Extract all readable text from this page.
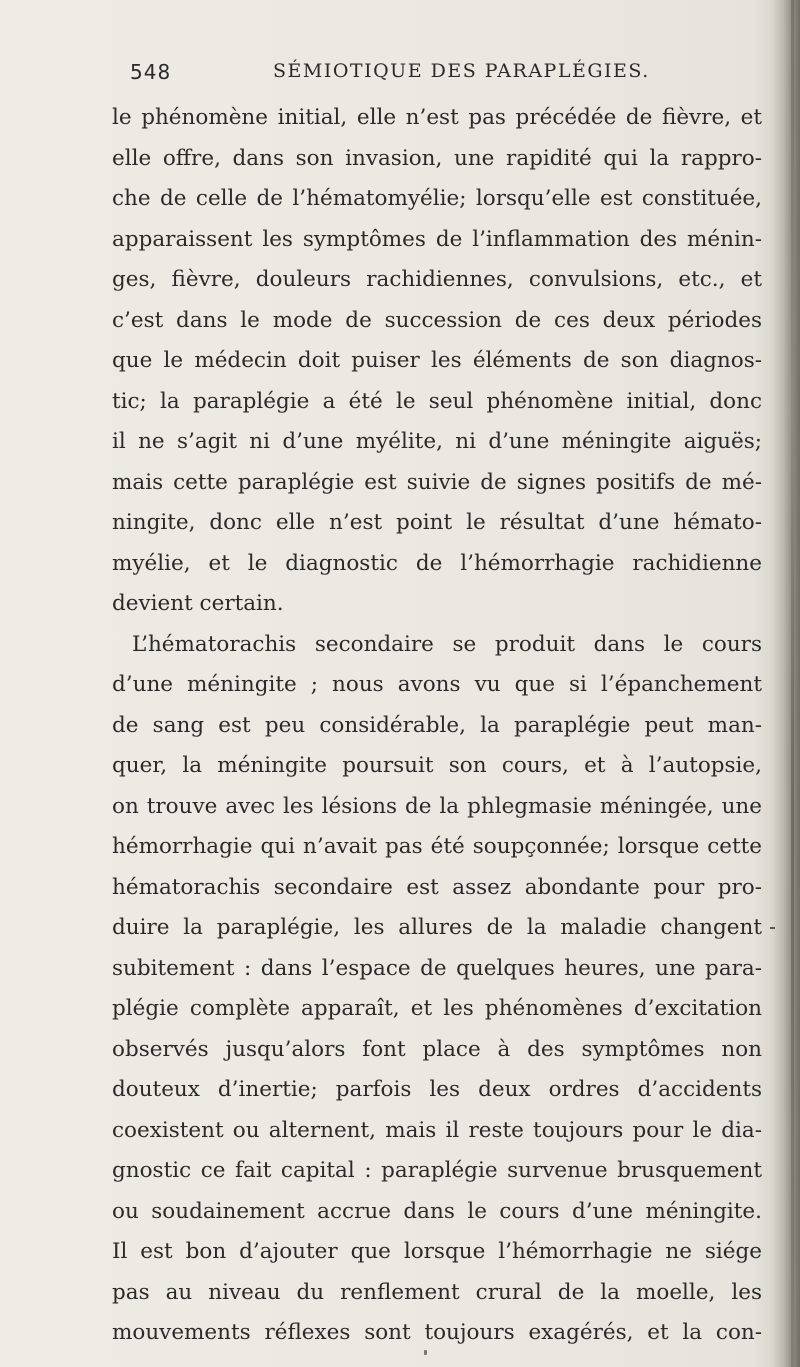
548	SÉMIOTIQUE DES PARAPLÉGIES.
le phénomène initial, elle n’est pas précédée de fièvre, et
elle offre, dans son invasion, une rapidité qui la rappro-
che de celle de l’hématomyélie; lorsqu’elle est constituée,
apparaissent les symptômes de l’inflammation des ménin-
ges, fièvre, douleurs rachidiennes, convulsions, etc., et
c’est dans le mode de succession de ces deux périodes
que le médecin doit puiser les éléments de son diagnos-
tic; la paraplégie a été le seul phénomène initial, donc
il ne s’agit ni d’une myélite, ni d’une méningite aiguës;
mais cette paraplégie est suivie de signes positifs de mé-
ningite, donc elle n’est point le résultat d’une hémato-
myélie, et le diagnostic de l’hémorrhagie rachidienne
devient certain.
L’hématorachis secondaire se produit dans le cours
d’une méningite ; nous avons vu que si l’épanchement
de sang est peu considérable, la paraplégie peut man-
quer, la méningite poursuit son cours, et à l’autopsie,
on trouve avec les lésions de la phlegmasie méningée, une
hémorrhagie qui n’avait pas été soupçonnée; lorsque cette
hématorachis secondaire est assez abondante pour pro-
duire la paraplégie, les allures de la maladie changent
subitement : dans l’espace de quelques heures, une para-
plégie complète apparaît, et les phénomènes d’excitation
observés jusqu’alors font place à des symptômes non
douteux d’inertie; parfois les deux ordres d’accidents
coexistent ou alternent, mais il reste toujours pour le dia-
gnostic ce fait capital : paraplégie survenue brusquement
ou soudainement accrue dans le cours d’une méningite.
Il est bon d’ajouter que lorsque l’hémorrhagie ne siége
pas au niveau du renflement crural de la moelle, les
mouvements réflexes sont toujours exagérés, et la con-
